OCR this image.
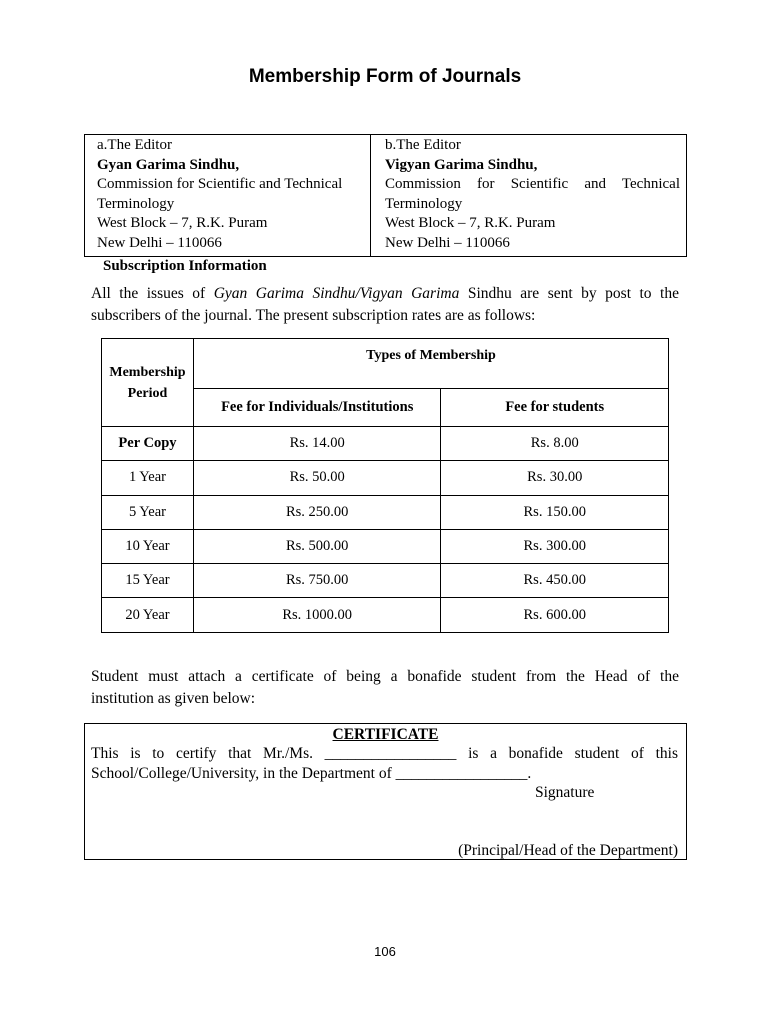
Membership Form of Journals
a.The Editor
Gyan Garima Sindhu,
Commission for Scientific and Technical
Terminology
West Block – 7, R.K. Puram
New Delhi – 110066

b.The Editor
Vigyan Garima Sindhu,
Commission for Scientific and Technical
Terminology
West Block – 7, R.K. Puram
New Delhi – 110066
Subscription Information
All the issues of Gyan Garima Sindhu/Vigyan Garima Sindhu are sent by post to the
subscribers of the journal. The present subscription rates are as follows:
Membership
Period	Types of Membership	
	Fee for Individuals/Institutions	Fee for students
Per Copy	Rs. 14.00	Rs. 8.00
1 Year	Rs. 50.00	Rs. 30.00
5 Year	Rs. 250.00	Rs. 150.00
10 Year	Rs. 500.00	Rs. 300.00
15 Year	Rs. 750.00	Rs. 450.00
20 Year	Rs. 1000.00	Rs. 600.00
Student must attach a certificate of being a bonafide student from the Head of the
institution as given below:
CERTIFICATE
This is to certify that Mr./Ms. _________________ is a bonafide student of this
School/College/University, in the Department of _________________.
Signature
(Principal/Head of the Department)
106
